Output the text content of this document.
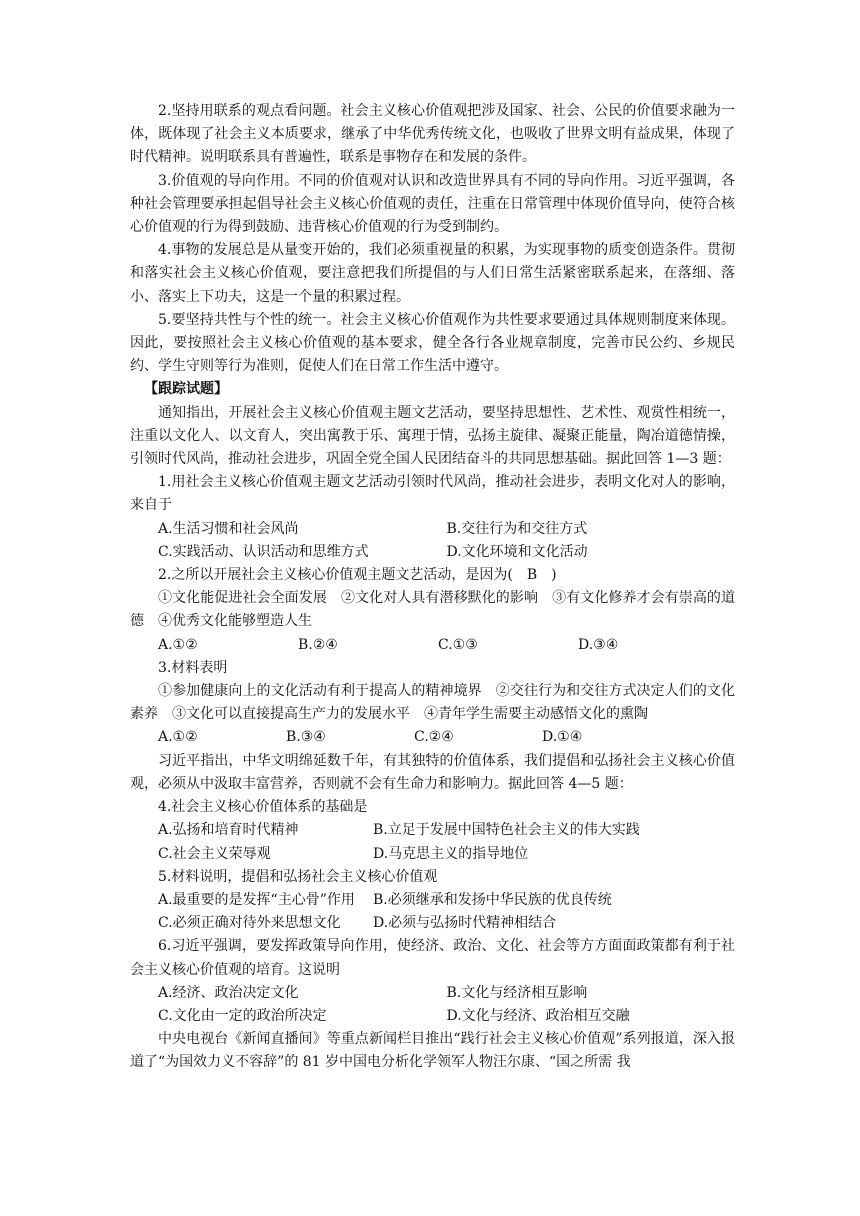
2.坚持用联系的观点看问题。社会主义核心价值观把涉及国家、社会、公民的价值要求融为一体，既体现了社会主义本质要求，继承了中华优秀传统文化，也吸收了世界文明有益成果，体现了时代精神。说明联系具有普遍性，联系是事物存在和发展的条件。

3.价值观的导向作用。不同的价值观对认识和改造世界具有不同的导向作用。习近平强调，各种社会管理要承担起倡导社会主义核心价值观的责任，注重在日常管理中体现价值导向，使符合核心价值观的行为得到鼓励、违背核心价值观的行为受到制约。

4.事物的发展总是从量变开始的，我们必须重视量的积累，为实现事物的质变创造条件。贯彻和落实社会主义核心价值观，要注意把我们所提倡的与人们日常生活紧密联系起来，在落细、落小、落实上下功夫，这是一个量的积累过程。

5.要坚持共性与个性的统一。社会主义核心价值观作为共性要求要通过具体规则制度来体现。因此，要按照社会主义核心价值观的基本要求，健全各行各业规章制度，完善市民公约、乡规民约、学生守则等行为准则，促使人们在日常工作生活中遵守。

【跟踪试题】

通知指出，开展社会主义核心价值观主题文艺活动，要坚持思想性、艺术性、观赏性相统一，注重以文化人、以文育人，突出寓教于乐、寓理于情，弘扬主旋律、凝聚正能量，陶冶道德情操，引领时代风尚，推动社会进步，巩固全党全国人民团结奋斗的共同思想基础。据此回答 1—3 题：

1.用社会主义核心价值观主题文艺活动引领时代风尚，推动社会进步，表明文化对人的影响，来自于

A.生活习惯和社会风尚	B.交往行为和交往方式
C.实践活动、认识活动和思维方式	D.文化环境和文化活动

2.之所以开展社会主义核心价值观主题文艺活动，是因为(　B　)

①文化能促进社会全面发展　②文化对人具有潜移默化的影响　③有文化修养才会有崇高的道德　④优秀文化能够塑造人生

A.①②	B.②④	C.①③	D.③④

3.材料表明

①参加健康向上的文化活动有利于提高人的精神境界　②交往行为和交往方式决定人们的文化素养　③文化可以直接提高生产力的发展水平　④青年学生需要主动感悟文化的熏陶

A.①②	B.③④	C.②④	D.①④

习近平指出，中华文明绵延数千年，有其独特的价值体系，我们提倡和弘扬社会主义核心价值观，必须从中汲取丰富营养，否则就不会有生命力和影响力。据此回答 4—5 题：

4.社会主义核心价值体系的基础是

A.弘扬和培育时代精神	B.立足于发展中国特色社会主义的伟大实践
C.社会主义荣辱观	D.马克思主义的指导地位

5.材料说明，提倡和弘扬社会主义核心价值观

A.最重要的是发挥“主心骨”作用	B.必须继承和发扬中华民族的优良传统
C.必须正确对待外来思想文化	D.必须与弘扬时代精神相结合

6.习近平强调，要发挥政策导向作用，使经济、政治、文化、社会等方方面面政策都有利于社会主义核心价值观的培育。这说明

A.经济、政治决定文化	B.文化与经济相互影响
C.文化由一定的政治所决定	D.文化与经济、政治相互交融

中央电视台《新闻直播间》等重点新闻栏目推出“践行社会主义核心价值观”系列报道，深入报道了“为国效力义不容辞”的 81 岁中国电分析化学领军人物汪尔康、“国之所需 我
